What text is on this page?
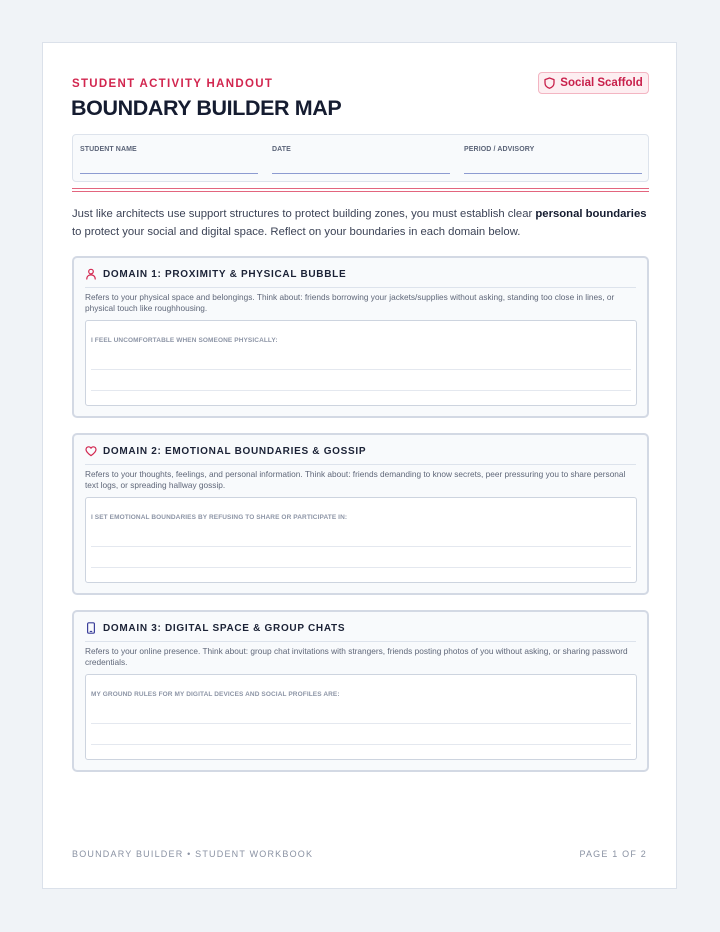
STUDENT ACTIVITY HANDOUT	Social Scaffold
BOUNDARY BUILDER MAP
STUDENT NAME	DATE	PERIOD / ADVISORY
Just like architects use support structures to protect building zones, you must establish clear personal boundaries to protect your social and digital space. Reflect on your boundaries in each domain below.
DOMAIN 1: PROXIMITY & PHYSICAL BUBBLE
Refers to your physical space and belongings. Think about: friends borrowing your jackets/supplies without asking, standing too close in lines, or physical touch like roughhousing.
I FEEL UNCOMFORTABLE WHEN SOMEONE PHYSICALLY:
DOMAIN 2: EMOTIONAL BOUNDARIES & GOSSIP
Refers to your thoughts, feelings, and personal information. Think about: friends demanding to know secrets, peer pressuring you to share personal text logs, or spreading hallway gossip.
I SET EMOTIONAL BOUNDARIES BY REFUSING TO SHARE OR PARTICIPATE IN:
DOMAIN 3: DIGITAL SPACE & GROUP CHATS
Refers to your online presence. Think about: group chat invitations with strangers, friends posting photos of you without asking, or sharing password credentials.
MY GROUND RULES FOR MY DIGITAL DEVICES AND SOCIAL PROFILES ARE:
BOUNDARY BUILDER • STUDENT WORKBOOK	PAGE 1 OF 2
